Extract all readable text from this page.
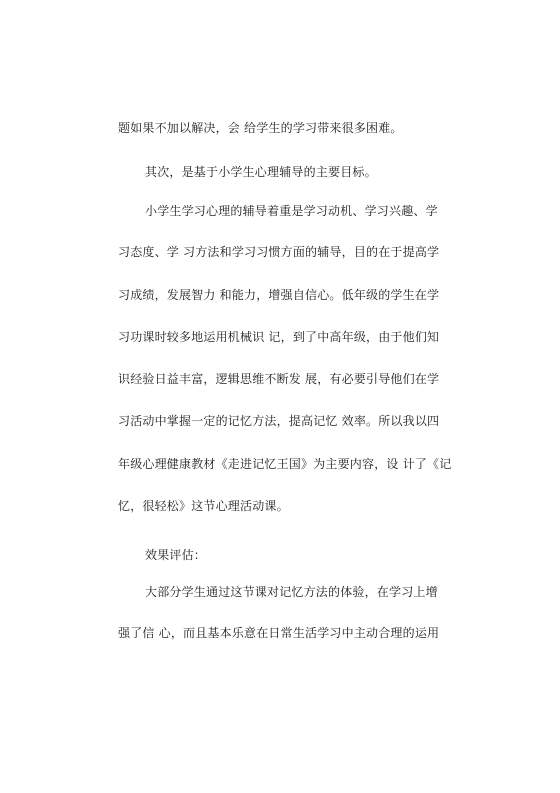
题如果不加以解决，会 给学生的学习带来很多困难。
其次，是基于小学生心理辅导的主要目标。
小学生学习心理的辅导着重是学习动机、学习兴趣、学
习态度、学 习方法和学习习惯方面的辅导，目的在于提高学
习成绩，发展智力 和能力，增强自信心。低年级的学生在学
习功课时较多地运用机械识 记，到了中高年级，由于他们知
识经验日益丰富，逻辑思维不断发 展，有必要引导他们在学
习活动中掌握一定的记忆方法，提高记忆 效率。所以我以四
年级心理健康教材《走进记忆王国》为主要内容，设 计了《记
忆，很轻松》这节心理活动课。
效果评估：
大部分学生通过这节课对记忆方法的体验，在学习上增
强了信 心，而且基本乐意在日常生活学习中主动合理的运用
